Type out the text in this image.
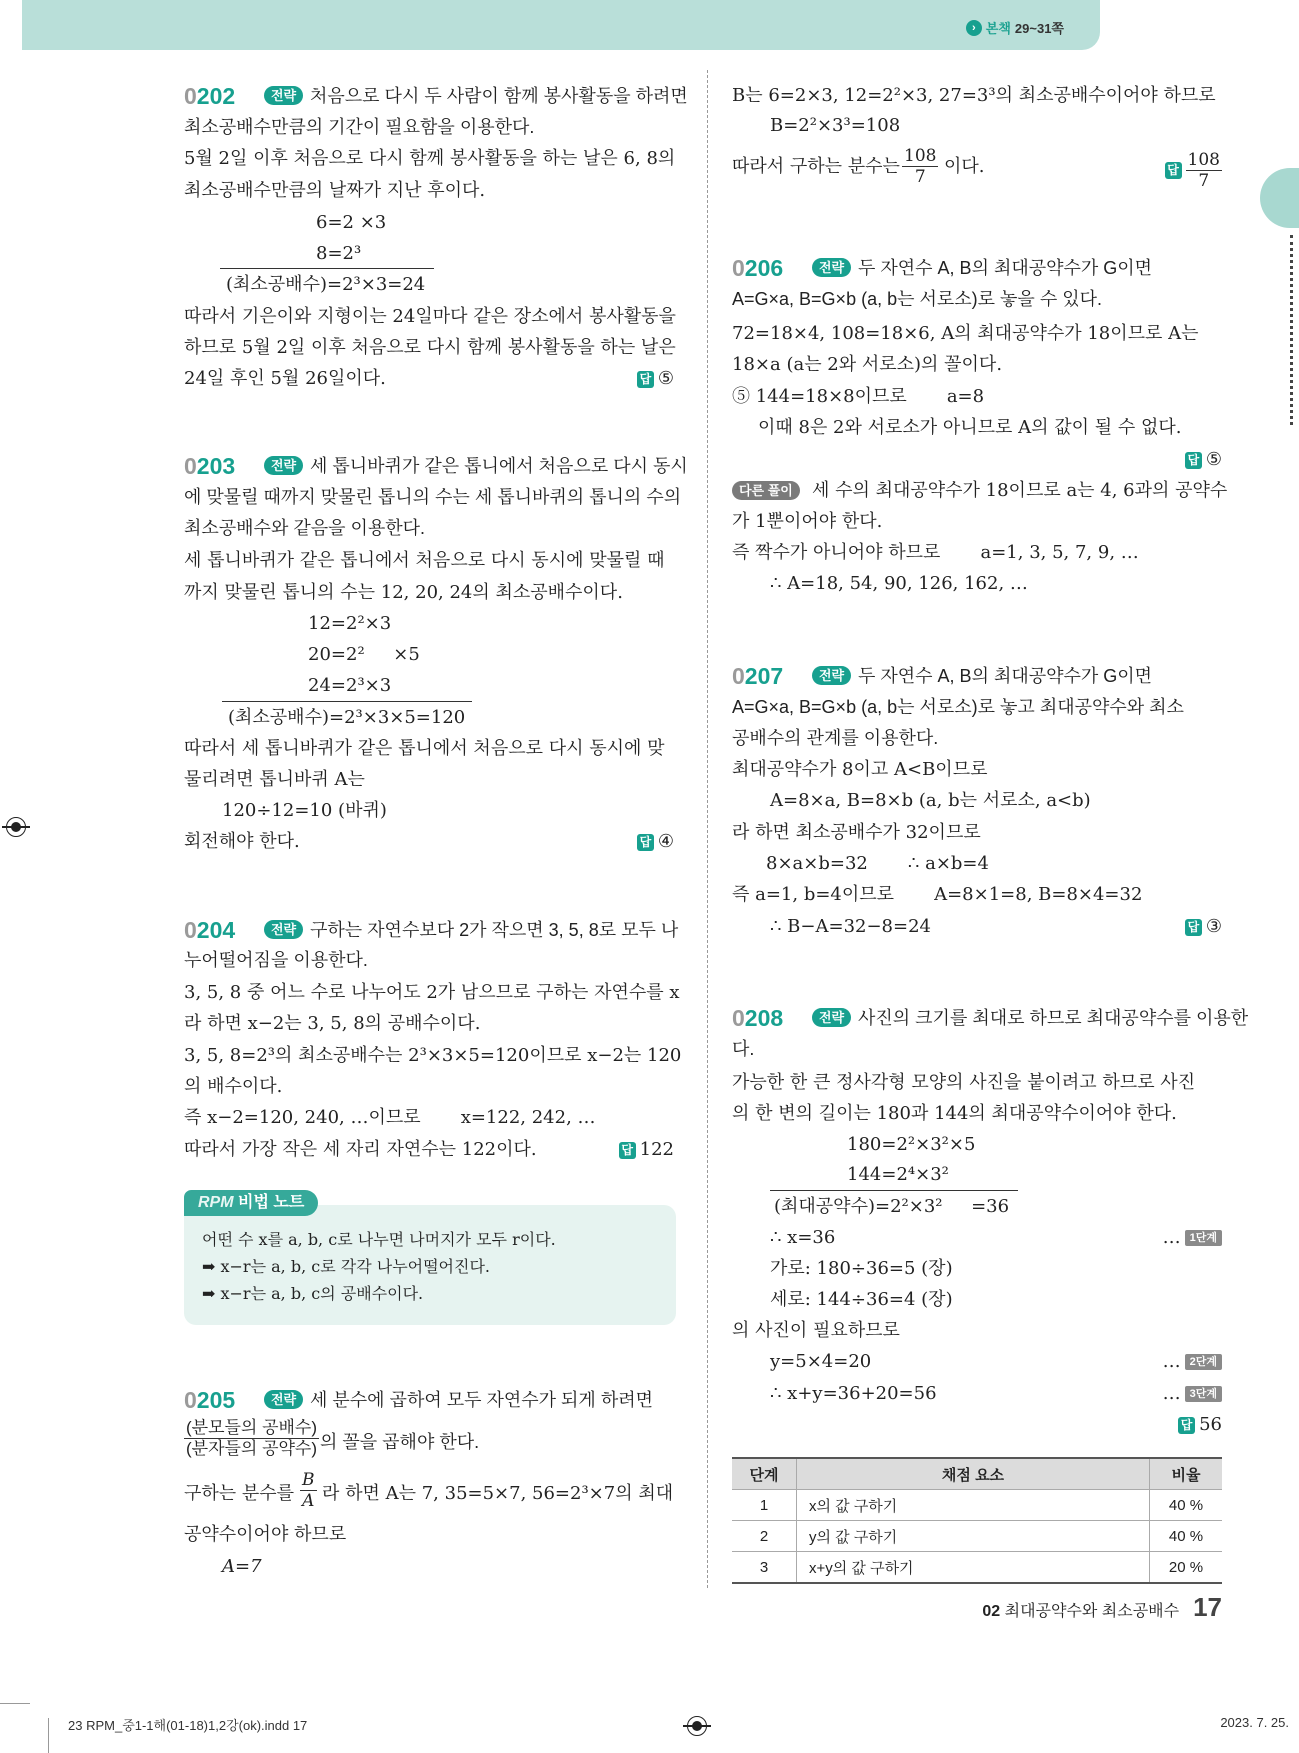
› 본책 29~31쪽
0202	전략 처음으로 다시 두 사람이 함께 봉사활동을 하려면
최소공배수만큼의 기간이 필요함을 이용한다.
5월 2일 이후 처음으로 다시 함께 봉사활동을 하는 날은 6, 8의
최소공배수만큼의 날짜가 지난 후이다.
6=2 ×3
8=2³
(최소공배수)=2³×3=24
따라서 기은이와 지형이는 24일마다 같은 장소에서 봉사활동을
하므로 5월 2일 이후 처음으로 다시 함께 봉사활동을 하는 날은
24일 후인 5월 26일이다.	답 ⑤
0203	전략 세 톱니바퀴가 같은 톱니에서 처음으로 다시 동시
에 맞물릴 때까지 맞물린 톱니의 수는 세 톱니바퀴의 톱니의 수의
최소공배수와 같음을 이용한다.
세 톱니바퀴가 같은 톱니에서 처음으로 다시 동시에 맞물릴 때
까지 맞물린 톱니의 수는 12, 20, 24의 최소공배수이다.
12=2²×3
20=2²     ×5
24=2³×3
(최소공배수)=2³×3×5=120
따라서 세 톱니바퀴가 같은 톱니에서 처음으로 다시 동시에 맞
물리려면 톱니바퀴 A는
120÷12=10 (바퀴)
회전해야 한다.	답 ④
0204	전략 구하는 자연수보다 2가 작으면 3, 5, 8로 모두 나
누어떨어짐을 이용한다.
3, 5, 8 중 어느 수로 나누어도 2가 남으므로 구하는 자연수를 x
라 하면 x−2는 3, 5, 8의 공배수이다.
3, 5, 8=2³의 최소공배수는 2³×3×5=120이므로 x−2는 120
의 배수이다.
즉 x−2=120, 240, …이므로       x=122, 242, …
따라서 가장 작은 세 자리 자연수는 122이다.	답 122
RPM 비법 노트
어떤 수 x를 a, b, c로 나누면 나머지가 모두 r이다.
➡ x−r는 a, b, c로 각각 나누어떨어진다.
➡ x−r는 a, b, c의 공배수이다.
0205	전략 세 분수에 곱하여 모두 자연수가 되게 하려면
(분모들의 공배수)
(분자들의 공약수) 의 꼴을 곱해야 한다.
구하는 분수를 $\frac{B}{A}$ 라 하면 A는 7, 35=5×7, 56=2³×7의 최대
공약수이어야 하므로
A=7
B는 6=2×3, 12=2²×3, 27=3³의 최소공배수이어야 하므로
B=2²×3³=108
따라서 구하는 분수는 $\frac{108}{7}$ 이다.	답 $\frac{108}{7}$
0206	전략 두 자연수 A, B의 최대공약수가 G이면
A=G×a, B=G×b (a, b는 서로소)로 놓을 수 있다.
72=18×4, 108=18×6, A의 최대공약수가 18이므로 A는
18×a (a는 2와 서로소)의 꼴이다.
⑤ 144=18×8이므로       a=8
이때 8은 2와 서로소가 아니므로 A의 값이 될 수 없다.
답 ⑤
다른 풀이	세 수의 최대공약수가 18이므로 a는 4, 6과의 공약수
가 1뿐이어야 한다.
즉 짝수가 아니어야 하므로       a=1, 3, 5, 7, 9, …
∴ A=18, 54, 90, 126, 162, …
0207	전략 두 자연수 A, B의 최대공약수가 G이면
A=G×a, B=G×b (a, b는 서로소)로 놓고 최대공약수와 최소
공배수의 관계를 이용한다.
최대공약수가 8이고 A<B이므로
A=8×a, B=8×b (a, b는 서로소, a<b)
라 하면 최소공배수가 32이므로
8×a×b=32       ∴ a×b=4
즉 a=1, b=4이므로       A=8×1=8, B=8×4=32
∴ B−A=32−8=24	답 ③
0208	전략 사진의 크기를 최대로 하므로 최대공약수를 이용한
다.
가능한 한 큰 정사각형 모양의 사진을 붙이려고 하므로 사진
의 한 변의 길이는 180과 144의 최대공약수이어야 한다.
180=2²×3²×5
144=2⁴×3²
(최대공약수)=2²×3²     =36
∴ x=36
가로: 180÷36=5 (장)
세로: 144÷36=4 (장)
의 사진이 필요하므로
y=5×4=20
∴ x+y=36+20=56
… 1단계
… 2단계
… 3단계
답 56
단계	채점 요소	비율
1	x의 값 구하기	40 %
2	y의 값 구하기	40 %
3	x+y의 값 구하기	20 %
02 최대공약수와 최소공배수 17
23 RPM_중1-1해(01-18)1,2강(ok).indd 17	2023. 7. 25.
